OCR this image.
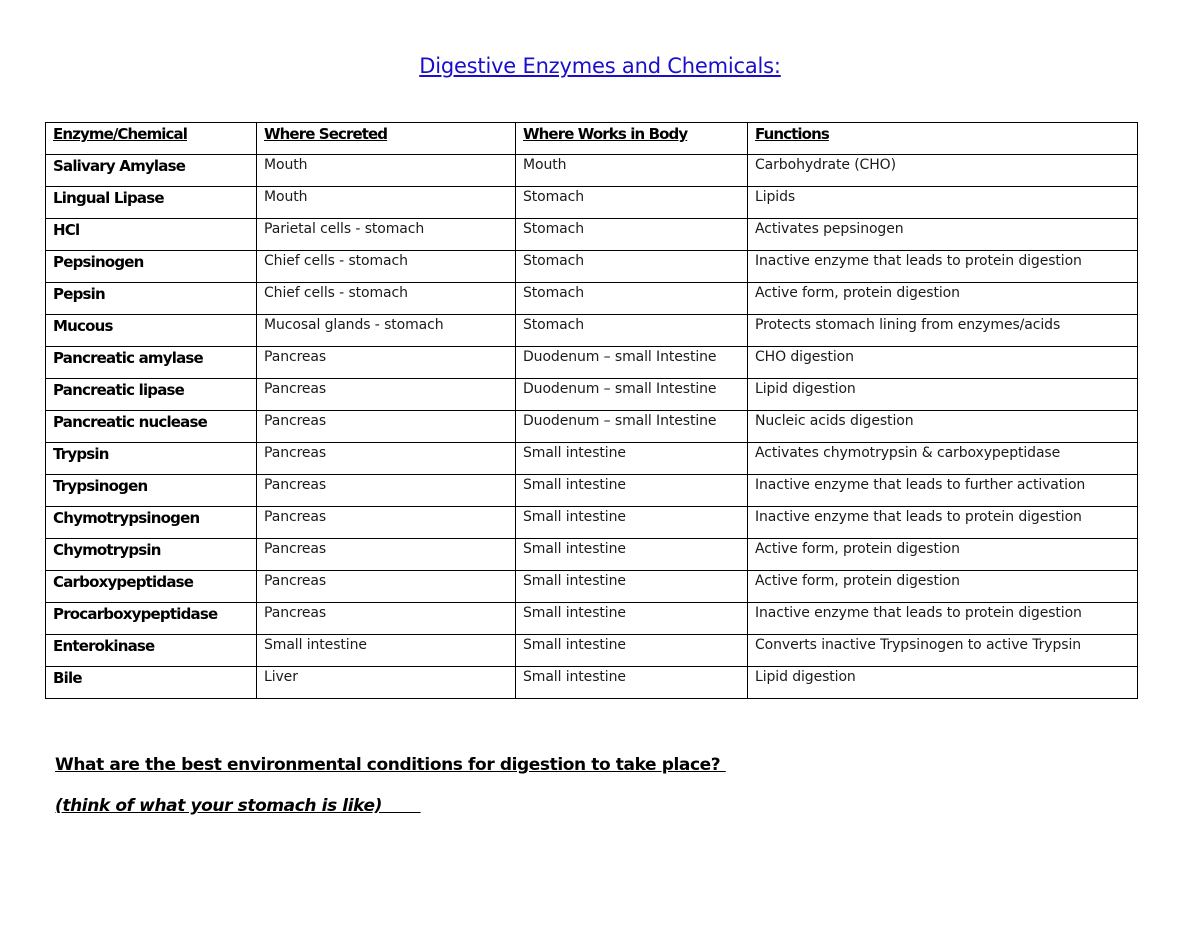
Digestive Enzymes and Chemicals:
Enzyme/Chemical	Where Secreted	Where Works in Body	Functions
Salivary Amylase	Mouth	Mouth	Carbohydrate (CHO)
Lingual Lipase	Mouth	Stomach	Lipids
HCl	Parietal cells - stomach	Stomach	Activates pepsinogen
Pepsinogen	Chief cells - stomach	Stomach	Inactive enzyme that leads to protein digestion
Pepsin	Chief cells - stomach	Stomach	Active form, protein digestion
Mucous	Mucosal glands - stomach	Stomach	Protects stomach lining from enzymes/acids
Pancreatic amylase	Pancreas	Duodenum – small Intestine	CHO digestion
Pancreatic lipase	Pancreas	Duodenum – small Intestine	Lipid digestion
Pancreatic nuclease	Pancreas	Duodenum – small Intestine	Nucleic acids digestion
Trypsin	Pancreas	Small intestine	Activates chymotrypsin & carboxypeptidase
Trypsinogen	Pancreas	Small intestine	Inactive enzyme that leads to further activation
Chymotrypsinogen	Pancreas	Small intestine	Inactive enzyme that leads to protein digestion
Chymotrypsin	Pancreas	Small intestine	Active form, protein digestion
Carboxypeptidase	Pancreas	Small intestine	Active form, protein digestion
Procarboxypeptidase	Pancreas	Small intestine	Inactive enzyme that leads to protein digestion
Enterokinase	Small intestine	Small intestine	Converts inactive Trypsinogen to active Trypsin
Bile	Liver	Small intestine	Lipid digestion
What are the best environmental conditions for digestion to take place?
(think of what your stomach is like)
